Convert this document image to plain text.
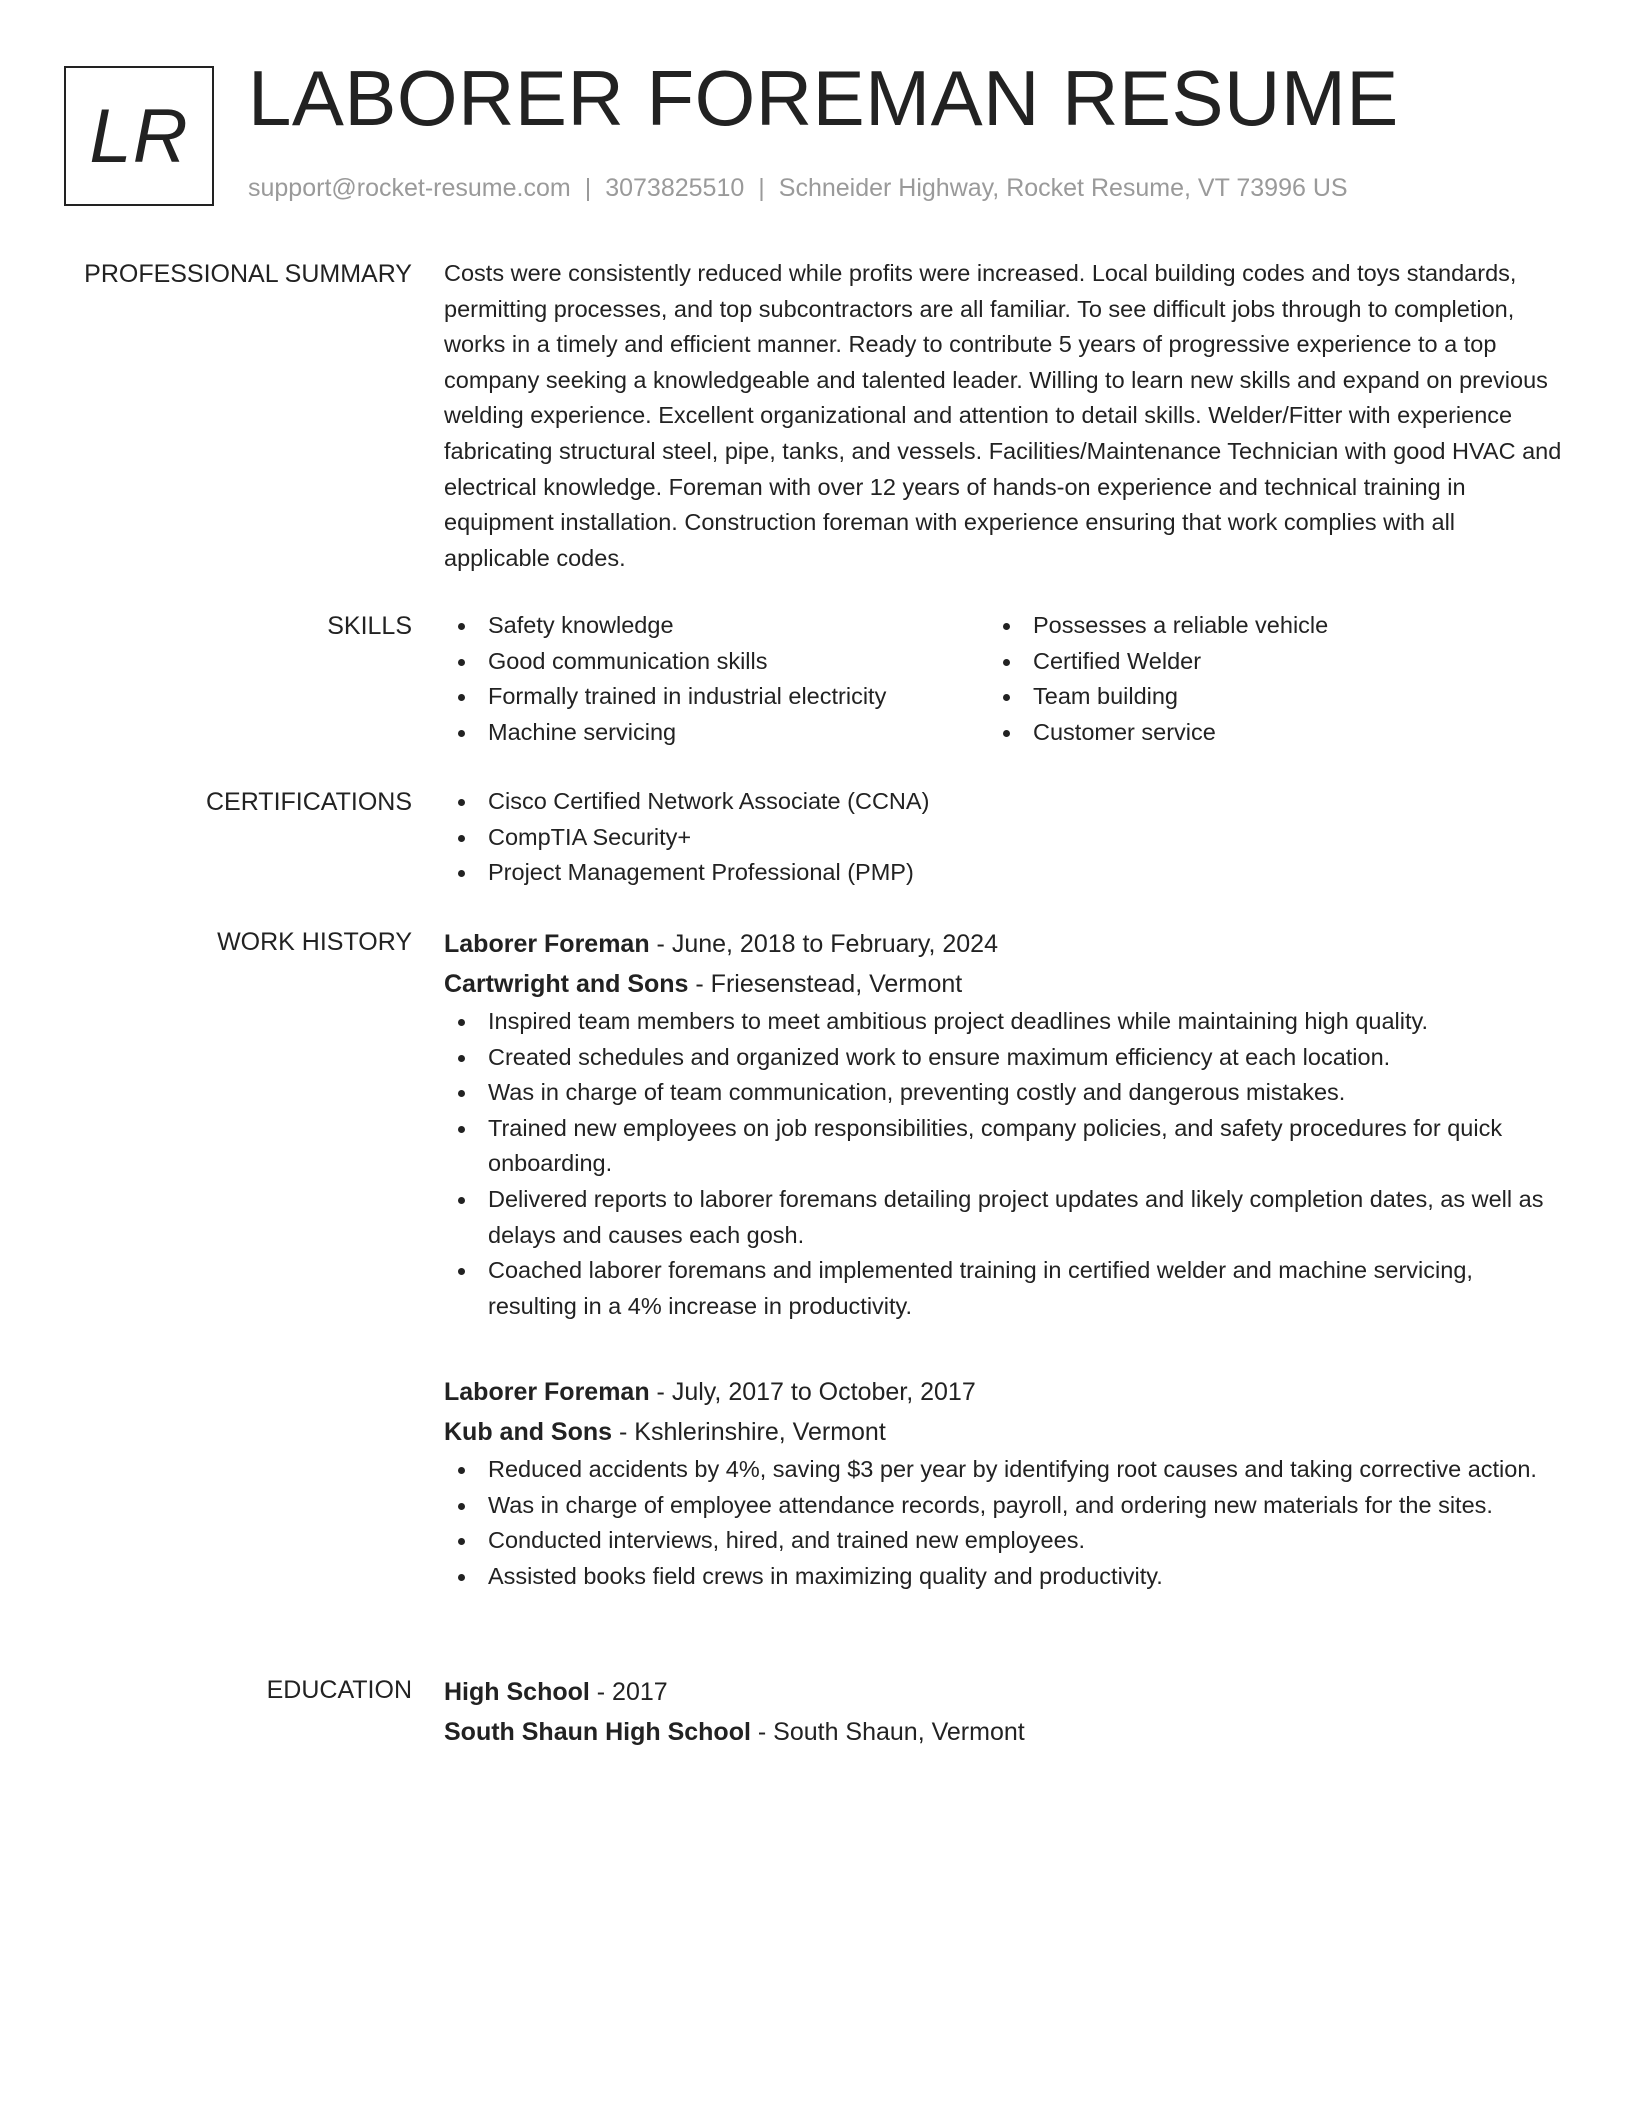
LR LABORER FOREMAN RESUME
support@rocket-resume.com | 3073825510 | Schneider Highway, Rocket Resume, VT 73996 US
PROFESSIONAL SUMMARY Costs were consistently reduced while profits were increased. Local building codes and toys standards, permitting processes, and top subcontractors are all familiar. To see difficult jobs through to completion, works in a timely and efficient manner. Ready to contribute 5 years of progressive experience to a top company seeking a knowledgeable and talented leader. Willing to learn new skills and expand on previous welding experience. Excellent organizational and attention to detail skills. Welder/Fitter with experience fabricating structural steel, pipe, tanks, and vessels. Facilities/Maintenance Technician with good HVAC and electrical knowledge. Foreman with over 12 years of hands-on experience and technical training in equipment installation. Construction foreman with experience ensuring that work complies with all applicable codes.

SKILLS	Safety knowledge	Possesses a reliable vehicle
Good communication skills	Certified Welder
Formally trained in industrial electricity	Team building
Machine servicing	Customer service
CERTIFICATIONS	Cisco Certified Network Associate (CCNA)
CompTIA Security+
Project Management Professional (PMP)
WORK HISTORY Laborer Foreman - June, 2018 to February, 2024

Cartwright and Sons - Friesenstead, Vermont

Inspired team members to meet ambitious project deadlines while maintaining high quality.
Created schedules and organized work to ensure maximum efficiency at each location.
Was in charge of team communication, preventing costly and dangerous mistakes.
Trained new employees on job responsibilities, company policies, and safety procedures for quick onboarding.
Delivered reports to laborer foremans detailing project updates and likely completion dates, as well as delays and causes each gosh.
Coached laborer foremans and implemented training in certified welder and machine servicing, resulting in a 4% increase in productivity.

Laborer Foreman - July, 2017 to October, 2017

Kub and Sons - Kshlerinshire, Vermont

Reduced accidents by 4%, saving $3 per year by identifying root causes and taking corrective action.
Was in charge of employee attendance records, payroll, and ordering new materials for the sites.
Conducted interviews, hired, and trained new employees.
Assisted books field crews in maximizing quality and productivity.
EDUCATION High School - 2017

South Shaun High School - South Shaun, Vermont
